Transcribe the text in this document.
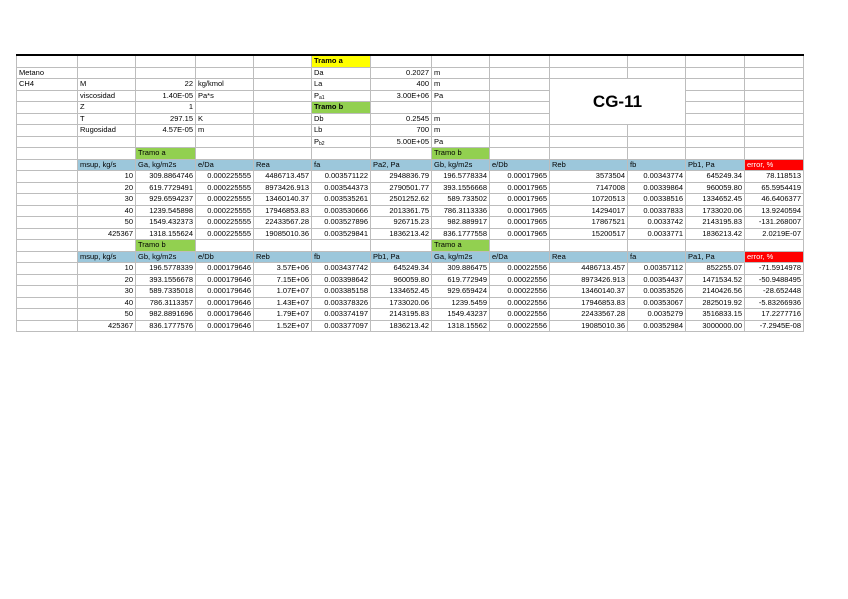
					Tramo a							
Metano					Da	0.2027	m					
CH4	M	22	kg/kmol		La	400	m		CG-11			
	viscosidad	1.40E-05	Pa*s		$P_{a1}$	3.00E+06	Pa					
	Z	1			Tramo b							
	T	297.15	K		Db	0.2545	m					
	Rugosidad	4.57E-05	m		Lb	700	m					
					$P_{b2}$	5.00E+05	Pa					

		Tramo a					Tramo b					
	msup, kg/s	Ga, kg/m2s	e/Da	Rea	fa	Pa2, Pa	Gb, kg/m2s	e/Db	Reb	fb	Pb1, Pa	error, %
	10	309.8864746	0.000225555	4486713.457	0.003571122	2948836.79	196.5778334	0.00017965	3573504	0.00343774	645249.34	78.118513
	20	619.7729491	0.000225555	8973426.913	0.003544373	2790501.77	393.1556668	0.00017965	7147008	0.00339864	960059.80	65.5954419
	30	929.6594237	0.000225555	13460140.37	0.003535261	2501252.62	589.733502	0.00017965	10720513	0.00338516	1334652.45	46.6406377
	40	1239.545898	0.000225555	17946853.83	0.003530666	2013361.75	786.3113336	0.00017965	14294017	0.00337833	1733020.06	13.9240594
	50	1549.432373	0.000225555	22433567.28	0.003527896	926715.23	982.889917	0.00017965	17867521	0.0033742	2143195.83	-131.268007

	425367	1318.155624	0.000225555	19085010.36	0.003529841	1836213.42	836.1777558	0.00017965	15200517	0.0033771	1836213.42	2.0219E-07

		Tramo b					Tramo a					
	msup, kg/s	Gb, kg/m2s	e/Db	Reb	fb	Pb1, Pa	Ga, kg/m2s	e/Da	Rea	fa	Pa1, Pa	error, %
	10	196.5778339	0.000179646	3.57E+06	0.003437742	645249.34	309.886475	0.00022556	4486713.457	0.00357112	852255.07	-71.5914978
	20	393.1556678	0.000179646	7.15E+06	0.003398642	960059.80	619.772949	0.00022556	8973426.913	0.00354437	1471534.52	-50.9488495
	30	589.7335018	0.000179646	1.07E+07	0.003385158	1334652.45	929.659424	0.00022556	13460140.37	0.00353526	2140426.56	-28.652448
	40	786.3113357	0.000179646	1.43E+07	0.003378326	1733020.06	1239.5459	0.00022556	17946853.83	0.00353067	2825019.92	-5.83266936
	50	982.8891696	0.000179646	1.79E+07	0.003374197	2143195.83	1549.43237	0.00022556	22433567.28	0.0035279	3516833.15	17.2277716

	425367	836.1777576	0.000179646	1.52E+07	0.003377097	1836213.42	1318.15562	0.00022556	19085010.36	0.00352984	3000000.00	-7.2945E-08
